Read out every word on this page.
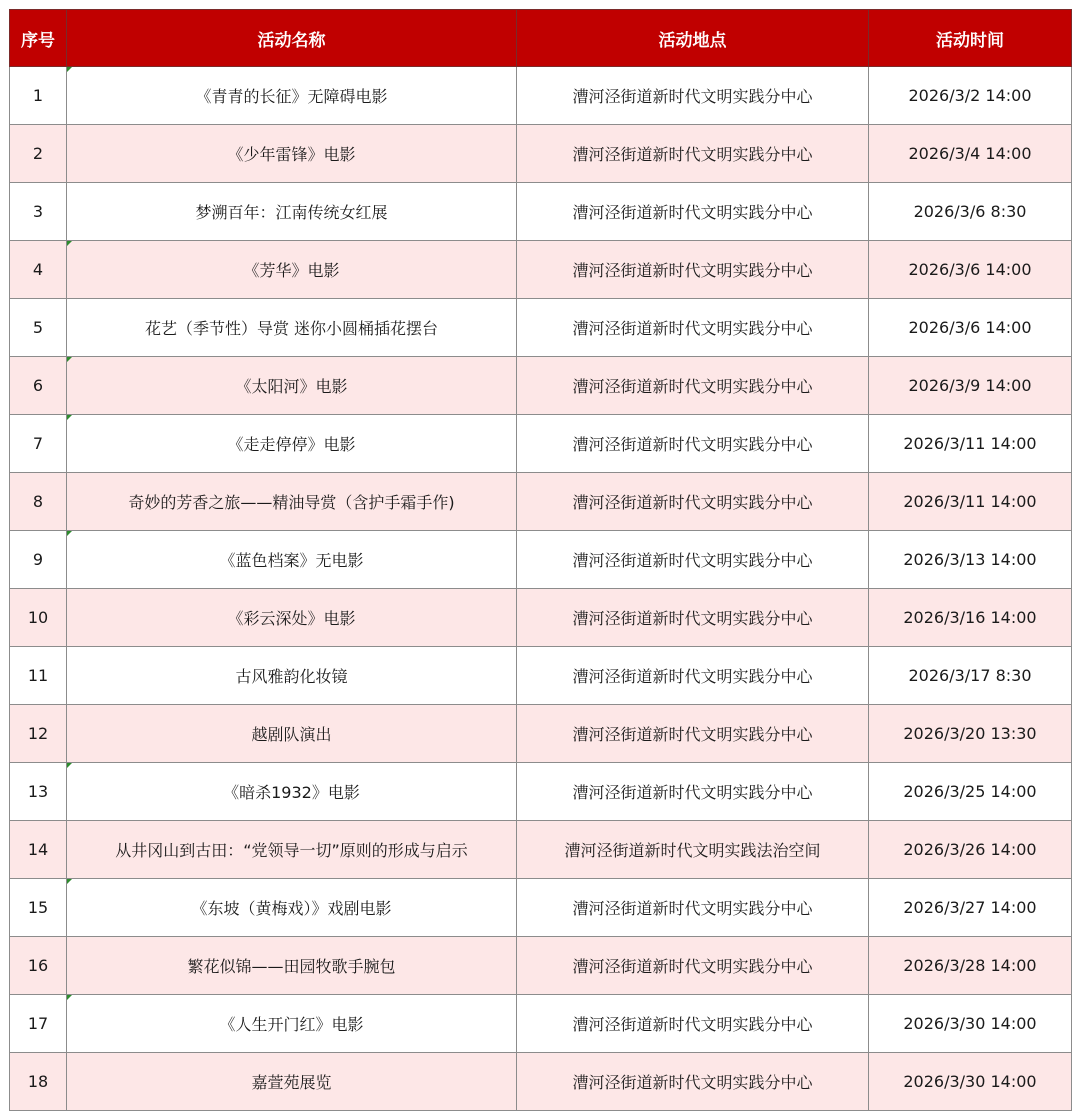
序号	活动名称	活动地点	活动时间
1	《青青的长征》无障碍电影	漕河泾街道新时代文明实践分中心	2026/3/2 14:00
2	《少年雷锋》电影	漕河泾街道新时代文明实践分中心	2026/3/4 14:00
3	梦溯百年：江南传统女红展	漕河泾街道新时代文明实践分中心	2026/3/6 8:30
4	《芳华》电影	漕河泾街道新时代文明实践分中心	2026/3/6 14:00
5	花艺（季节性）导赏 迷你小圆桶插花摆台	漕河泾街道新时代文明实践分中心	2026/3/6 14:00
6	《太阳河》电影	漕河泾街道新时代文明实践分中心	2026/3/9 14:00
7	《走走停停》电影	漕河泾街道新时代文明实践分中心	2026/3/11 14:00
8	奇妙的芳香之旅——精油导赏（含护手霜手作)	漕河泾街道新时代文明实践分中心	2026/3/11 14:00
9	《蓝色档案》无电影	漕河泾街道新时代文明实践分中心	2026/3/13 14:00
10	《彩云深处》电影	漕河泾街道新时代文明实践分中心	2026/3/16 14:00
11	古风雅韵化妆镜	漕河泾街道新时代文明实践分中心	2026/3/17 8:30
12	越剧队演出	漕河泾街道新时代文明实践分中心	2026/3/20 13:30
13	《暗杀1932》电影	漕河泾街道新时代文明实践分中心	2026/3/25 14:00
14	从井冈山到古田：“党领导一切”原则的形成与启示	漕河泾街道新时代文明实践法治空间	2026/3/26 14:00
15	《东坡（黄梅戏）》戏剧电影	漕河泾街道新时代文明实践分中心	2026/3/27 14:00
16	繁花似锦——田园牧歌手腕包	漕河泾街道新时代文明实践分中心	2026/3/28 14:00
17	《人生开门红》电影	漕河泾街道新时代文明实践分中心	2026/3/30 14:00
18	嘉萱苑展览	漕河泾街道新时代文明实践分中心	2026/3/30 14:00
